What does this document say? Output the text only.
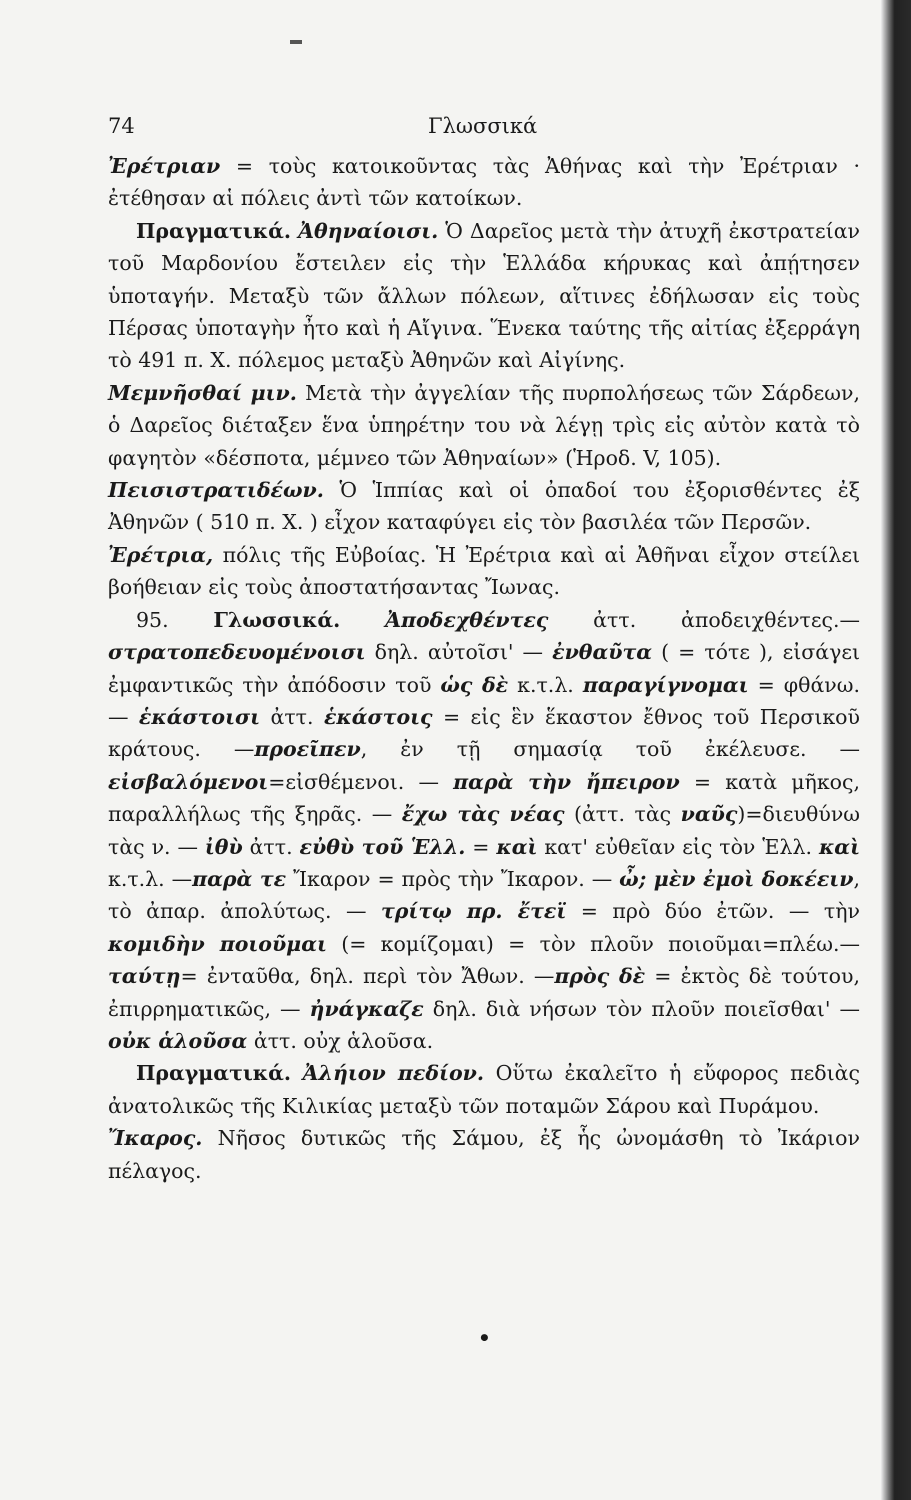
74	Γλωσσικά

Ἐρέτριαν = τοὺς κατοικοῦντας τὰς Ἀθήνας καὶ τὴν Ἐρέτριαν · ἐτέθησαν αἱ πόλεις ἀντὶ τῶν κατοίκων.

Πραγματικά. Ἀθηναίοισι. Ὁ Δαρεῖος μετὰ τὴν ἀτυχῆ ἐκστρατείαν τοῦ Μαρδονίου ἔστειλεν εἰς τὴν Ἑλλάδα κήρυκας καὶ ἀπῄτησεν ὑποταγήν. Μεταξὺ τῶν ἄλλων πόλεων, αἵτινες ἐδήλωσαν εἰς τοὺς Πέρσας ὑποταγὴν ἦτο καὶ ἡ Αἴγινα. Ἕνεκα ταύτης τῆς αἰτίας ἐξερράγη τὸ 491 π. Χ. πόλεμος μεταξὺ Ἀθηνῶν καὶ Αἰγίνης.

Μεμνῆσθαί μιν. Μετὰ τὴν ἀγγελίαν τῆς πυρπολήσεως τῶν Σάρδεων, ὁ Δαρεῖος διέταξεν ἕνα ὑπηρέτην του νὰ λέγῃ τρὶς εἰς αὐτὸν κατὰ τὸ φαγητὸν «δέσποτα, μέμνεο τῶν Ἀθηναίων» (Ἡροδ. V, 105).

Πεισιστρατιδέων. Ὁ Ἱππίας καὶ οἱ ὀπαδοί του ἐξορισθέντες ἐξ Ἀθηνῶν ( 510 π. Χ. ) εἶχον καταφύγει εἰς τὸν βασιλέα τῶν Περσῶν.

Ἐρέτρια, πόλις τῆς Εὐβοίας. Ἡ Ἐρέτρια καὶ αἱ Ἀθῆναι εἶχον στείλει βοήθειαν εἰς τοὺς ἀποστατήσαντας Ἴωνας.

95. Γλωσσικά. Ἀποδεχθέντες ἀττ. ἀποδειχθέντες.—στρατοπεδευομένοισι δηλ. αὐτοῖσι' — ἐνθαῦτα ( = τότε ), εἰσάγει ἐμφαντικῶς τὴν ἀπόδοσιν τοῦ ὡς δὲ κ.τ.λ. παραγίγνομαι = φθάνω. — ἑκάστοισι ἀττ. ἑκάστοις = εἰς ἓν ἕκαστον ἔθνος τοῦ Περσικοῦ κράτους. —προεῖπεν, ἐν τῇ σημασίᾳ τοῦ ἐκέλευσε. — εἰσβαλόμενοι=εἰσθέμενοι. — παρὰ τὴν ἤπειρον = κατὰ μῆκος, παραλλήλως τῆς ξηρᾶς. — ἔχω τὰς νέας (ἀττ. τὰς ναῦς)=διευθύνω τὰς ν. — ἰθὺ ἀττ. εὐθὺ τοῦ Ἑλλ. = καὶ κατ' εὐθεῖαν εἰς τὸν Ἑλλ. καὶ κ.τ.λ. —παρὰ τε Ἴκαρον = πρὸς τὴν Ἴκαρον. — ὦ; μὲν ἐμοὶ δοκέειν, τὸ ἀπαρ. ἀπολύτως. — τρίτῳ πρ. ἔτεϊ = πρὸ δύο ἐτῶν. — τὴν κομιδὴν ποιοῦμαι (= κομίζομαι) = τὸν πλοῦν ποιοῦμαι=πλέω.—ταύτῃ= ἐνταῦθα, δηλ. περὶ τὸν Ἄθων. —πρὸς δὲ = ἐκτὸς δὲ τούτου, ἐπιρρηματικῶς, — ἠνάγκαζε δηλ. διὰ νήσων τὸν πλοῦν ποιεῖσθαι' — οὐκ ἁλοῦσα ἀττ. οὐχ ἁλοῦσα.

Πραγματικά. Ἀλήιον πεδίον. Οὕτω ἐκαλεῖτο ἡ εὔφορος πεδιὰς ἀνατολικῶς τῆς Κιλικίας μεταξὺ τῶν ποταμῶν Σάρου καὶ Πυράμου.

Ἴκαρος. Νῆσος δυτικῶς τῆς Σάμου, ἐξ ἧς ὠνομάσθη τὸ Ἰκάριον πέλαγος.

•
